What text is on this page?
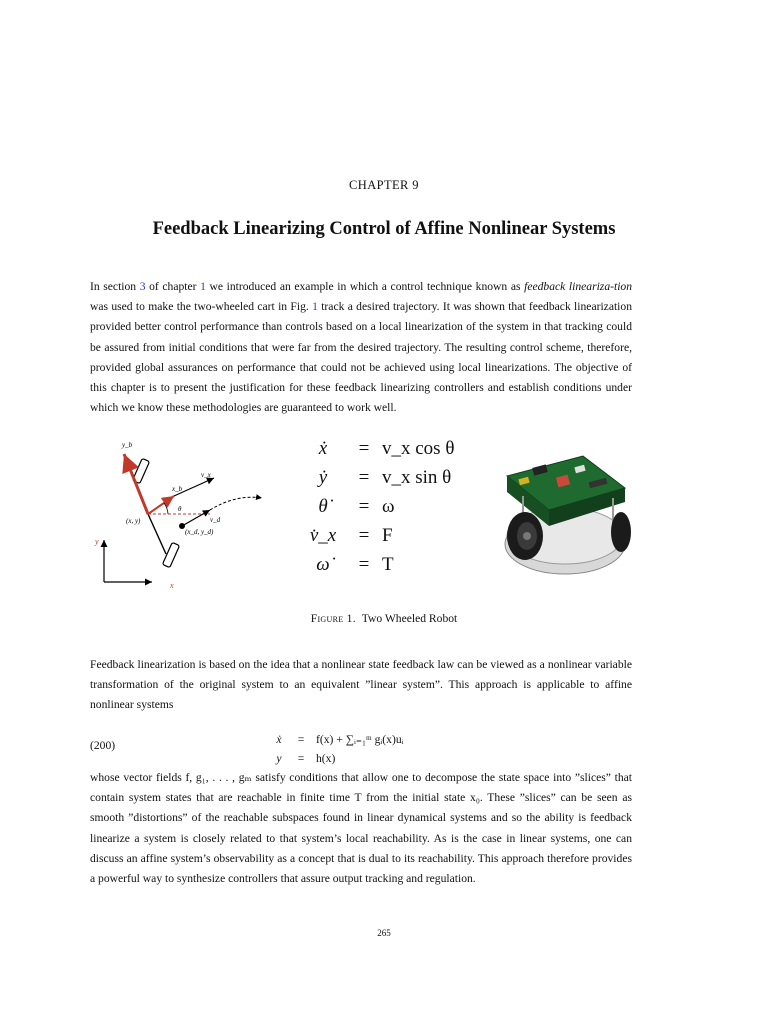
CHAPTER 9
Feedback Linearizing Control of Affine Nonlinear Systems

In section 3 of chapter 1 we introduced an example in which a control technique known as feedback lineariza-tion was used to make the two-wheeled cart in Fig. 1 track a desired trajectory. It was shown that feedback linearization provided better control performance than controls based on a local linearization of the system in that tracking could be assured from initial conditions that were far from the desired trajectory. The resulting control scheme, therefore, provided global assurances on performance that could not be achieved using local linearizations. The objective of this chapter is to present the justification for these feedback linearizing controllers and establish conditions under which we know these methodologies are guaranteed to work well.

y
x
y_b
x_b
v_x
v_d
θ
(x, y)
(x_d, y_d)
ẋ	= v_x cos θ
ẏ	= v_x sin θ
θ̇	= ω
v̇_x	= F
ω̇	= T
Figure 1. Two Wheeled Robot

Feedback linearization is based on the idea that a nonlinear state feedback law can be viewed as a nonlinear variable transformation of the original system to an equivalent ”linear system”. This approach is applicable to affine nonlinear systems

(200)	ẋ	=	f(x) + ∑ᵢ₌₁ᵐ gᵢ(x)uᵢ
y	=	h(x)

whose vector fields f, g₁, . . . , gₘ satisfy conditions that allow one to decompose the state space into ”slices” that contain system states that are reachable in finite time T from the initial state x₀. These ”slices” can be seen as smooth ”distortions” of the reachable subspaces found in linear dynamical systems and so the ability is feedback linearize a system is closely related to that system’s local reachability. As is the case in linear systems, one can discuss an affine system’s observability as a concept that is dual to its reachability. This approach therefore provides a powerful way to synthesize controllers that assure output tracking and regulation.

265
